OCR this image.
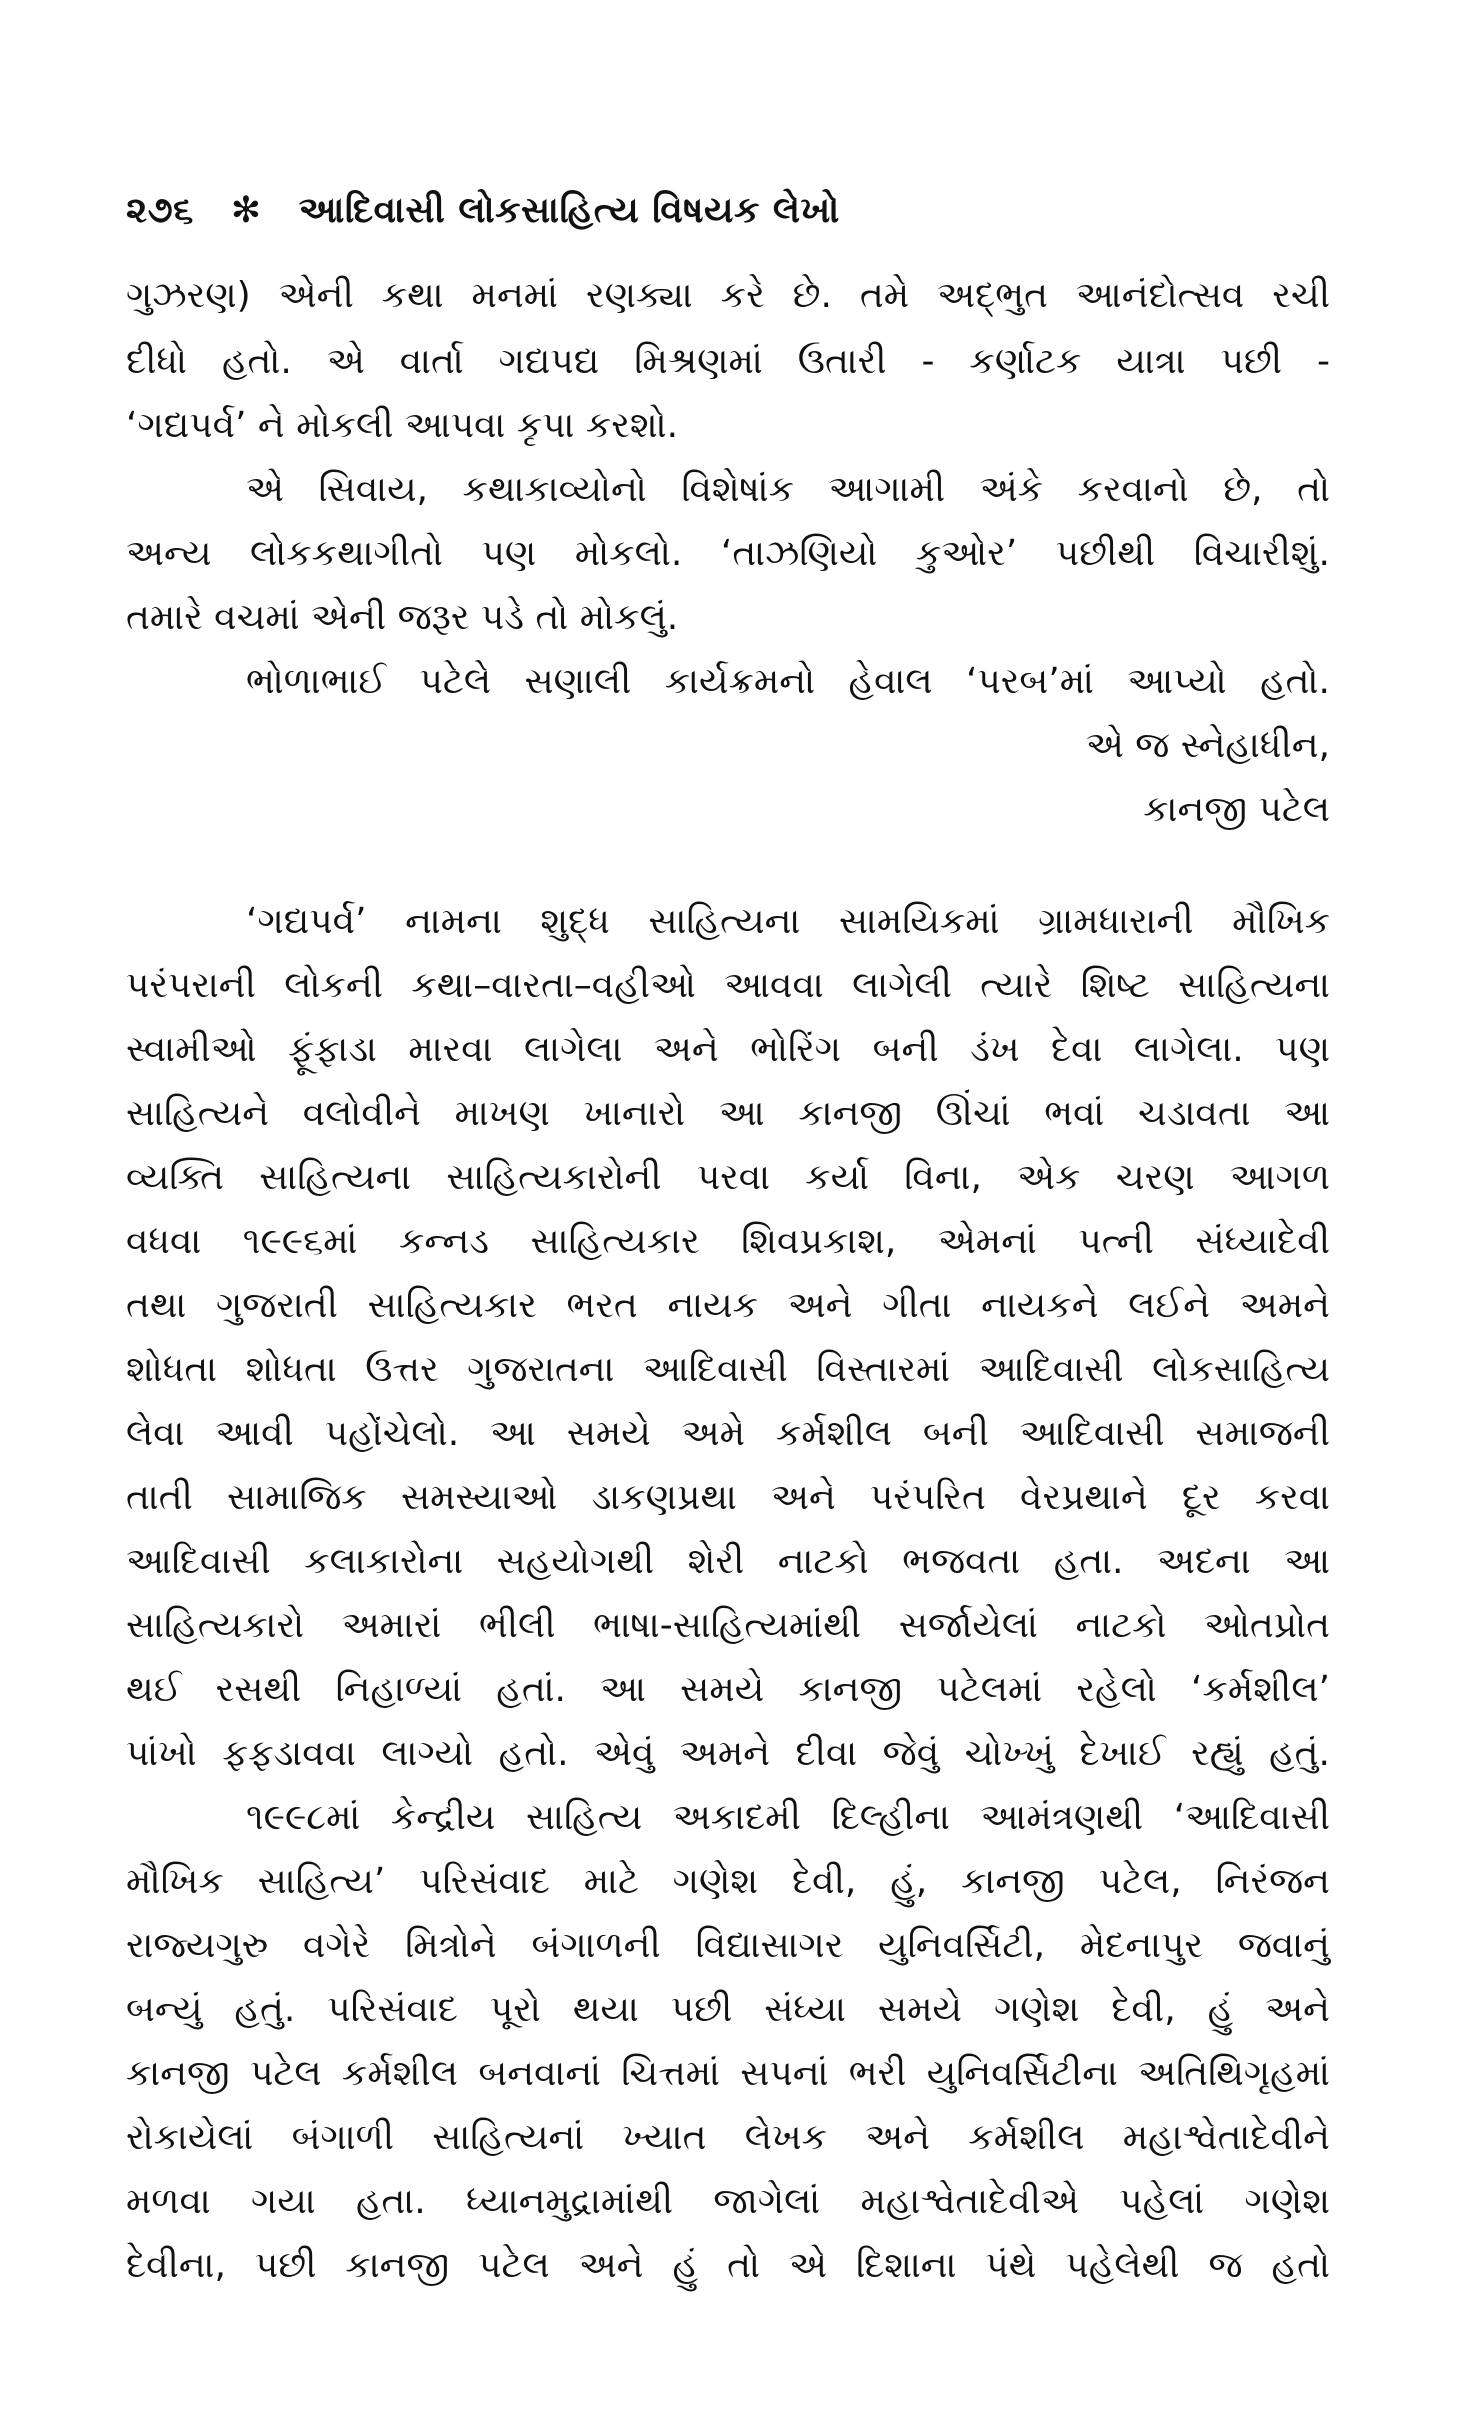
૨૭૬ ✻ આદિવાસી લોકસાહિત્ય વિષયક લેખો
ગુઝરણ) એની કથા મનમાં રણક્યા કરે છે. તમે અદ્ભુત આનંદોત્સવ રચી
દીધો હતો. એ વાર્તા ગદ્યપદ્ય મિશ્રણમાં ઉતારી - કર્ણાટક યાત્રા પછી -
‘ગદ્યપર્વ’ ને મોકલી આપવા કૃપા કરશો.
એ સિવાય, કથાકાવ્યોનો વિશેષાંક આગામી અંકે કરવાનો છે, તો
અન્ય લોકકથાગીતો પણ મોકલો. ‘તાઝણિયો કુઓર’ પછીથી વિચારીશું.
તમારે વચમાં એની જરૂર પડે તો મોકલું.
ભોળાભાઈ પટેલે સણાલી કાર્યક્રમનો હેવાલ ‘પરબ’માં આપ્યો હતો.
એ જ સ્નેહાધીન,
કાનજી પટેલ
‘ગદ્યપર્વ’ નામના શુદ્ધ સાહિત્યના સામયિકમાં ગ્રામધારાની મૌખિક
પરંપરાની લોકની કથા–વારતા–વહીઓ આવવા લાગેલી ત્યારે શિષ્ટ સાહિત્યના
સ્વામીઓ ફૂંફાડા મારવા લાગેલા અને ભોરિંગ બની ડંખ દેવા લાગેલા. પણ
સાહિત્યને વલોવીને માખણ ખાનારો આ કાનજી ઊંચાં ભવાં ચડાવતા આ
વ્યક્તિ સાહિત્યના સાહિત્યકારોની પરવા કર્યા વિના, એક ચરણ આગળ
વધવા ૧૯૯૬માં કન્નડ સાહિત્યકાર શિવપ્રકાશ, એમનાં પત્ની સંધ્યાદેવી
તથા ગુજરાતી સાહિત્યકાર ભરત નાયક અને ગીતા નાયકને લઈને અમને
શોધતા શોધતા ઉત્તર ગુજરાતના આદિવાસી વિસ્તારમાં આદિવાસી લોકસાહિત્ય
લેવા આવી પહોંચેલો. આ સમયે અમે કર્મશીલ બની આદિવાસી સમાજની
તાતી સામાજિક સમસ્યાઓ ડાકણપ્રથા અને પરંપરિત વેરપ્રથાને દૂર કરવા
આદિવાસી કલાકારોના સહયોગથી શેરી નાટકો ભજવતા હતા. અદના આ
સાહિત્યકારો અમારાં ભીલી ભાષા-સાહિત્યમાંથી સર્જાયેલાં નાટકો ઓતપ્રોત
થઈ રસથી નિહાળ્યાં હતાં. આ સમયે કાનજી પટેલમાં રહેલો ‘કર્મશીલ’
પાંખો ફફડાવવા લાગ્યો હતો. એવું અમને દીવા જેવું ચોખ્ખું દેખાઈ રહ્યું હતું.
૧૯૯૮માં કેન્દ્રીય સાહિત્ય અકાદમી દિલ્હીના આમંત્રણથી ‘આદિવાસી
મૌખિક સાહિત્ય’ પરિસંવાદ માટે ગણેશ દેવી, હું, કાનજી પટેલ, નિરંજન
રાજ્યગુરુ વગેરે મિત્રોને બંગાળની વિદ્યાસાગર યુનિવર્સિટી, મેદનાપુર જવાનું
બન્યું હતું. પરિસંવાદ પૂરો થયા પછી સંધ્યા સમયે ગણેશ દેવી, હું અને
કાનજી પટેલ કર્મશીલ બનવાનાં ચિત્તમાં સપનાં ભરી યુનિવર્સિટીના અતિથિગૃહમાં
રોકાયેલાં બંગાળી સાહિત્યનાં ખ્યાત લેખક અને કર્મશીલ મહાશ્વેતાદેવીને
મળવા ગયા હતા. ધ્યાનમુદ્રામાંથી જાગેલાં મહાશ્વેતાદેવીએ પહેલાં ગણેશ
દેવીના, પછી કાનજી પટેલ અને હું તો એ દિશાના પંથે પહેલેથી જ હતો
